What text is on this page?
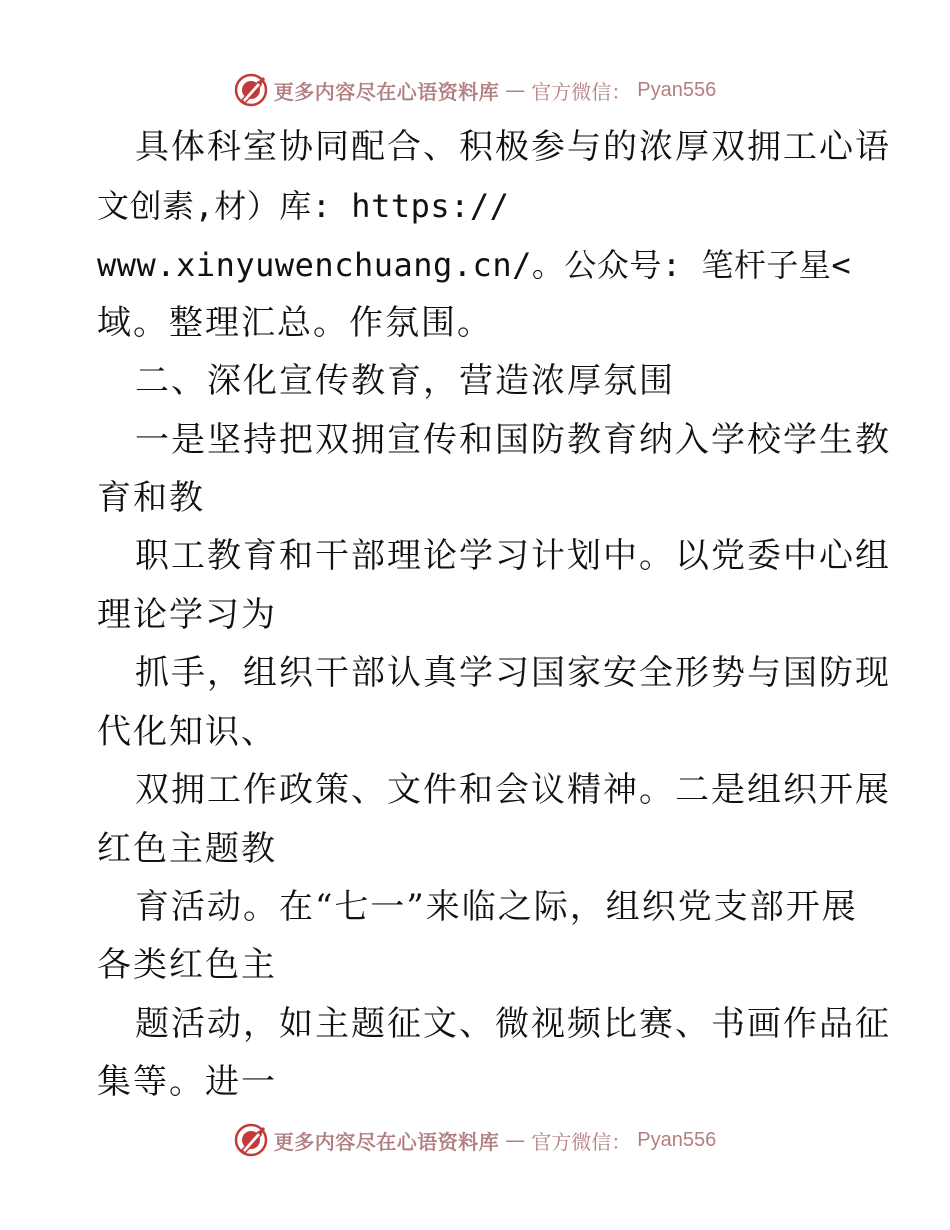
更多内容尽在心语资料库 — 官方微信： Pyan556
具体科室协同配合、积极参与的浓厚双拥工心语
文创素,材）库: https://
www.xinyuwenchuang.cn/。公众号: 笔杆子星<
域。整理汇总。作氛围。
二、深化宣传教育，营造浓厚氛围
一是坚持把双拥宣传和国防教育纳入学校学生教
育和教
职工教育和干部理论学习计划中。以党委中心组
理论学习为
抓手，组织干部认真学习国家安全形势与国防现
代化知识、
双拥工作政策、文件和会议精神。二是组织开展
红色主题教
育活动。在“七一”来临之际，组织党支部开展
各类红色主
题活动，如主题征文、微视频比赛、书画作品征
集等。进一
更多内容尽在心语资料库 — 官方微信： Pyan556
